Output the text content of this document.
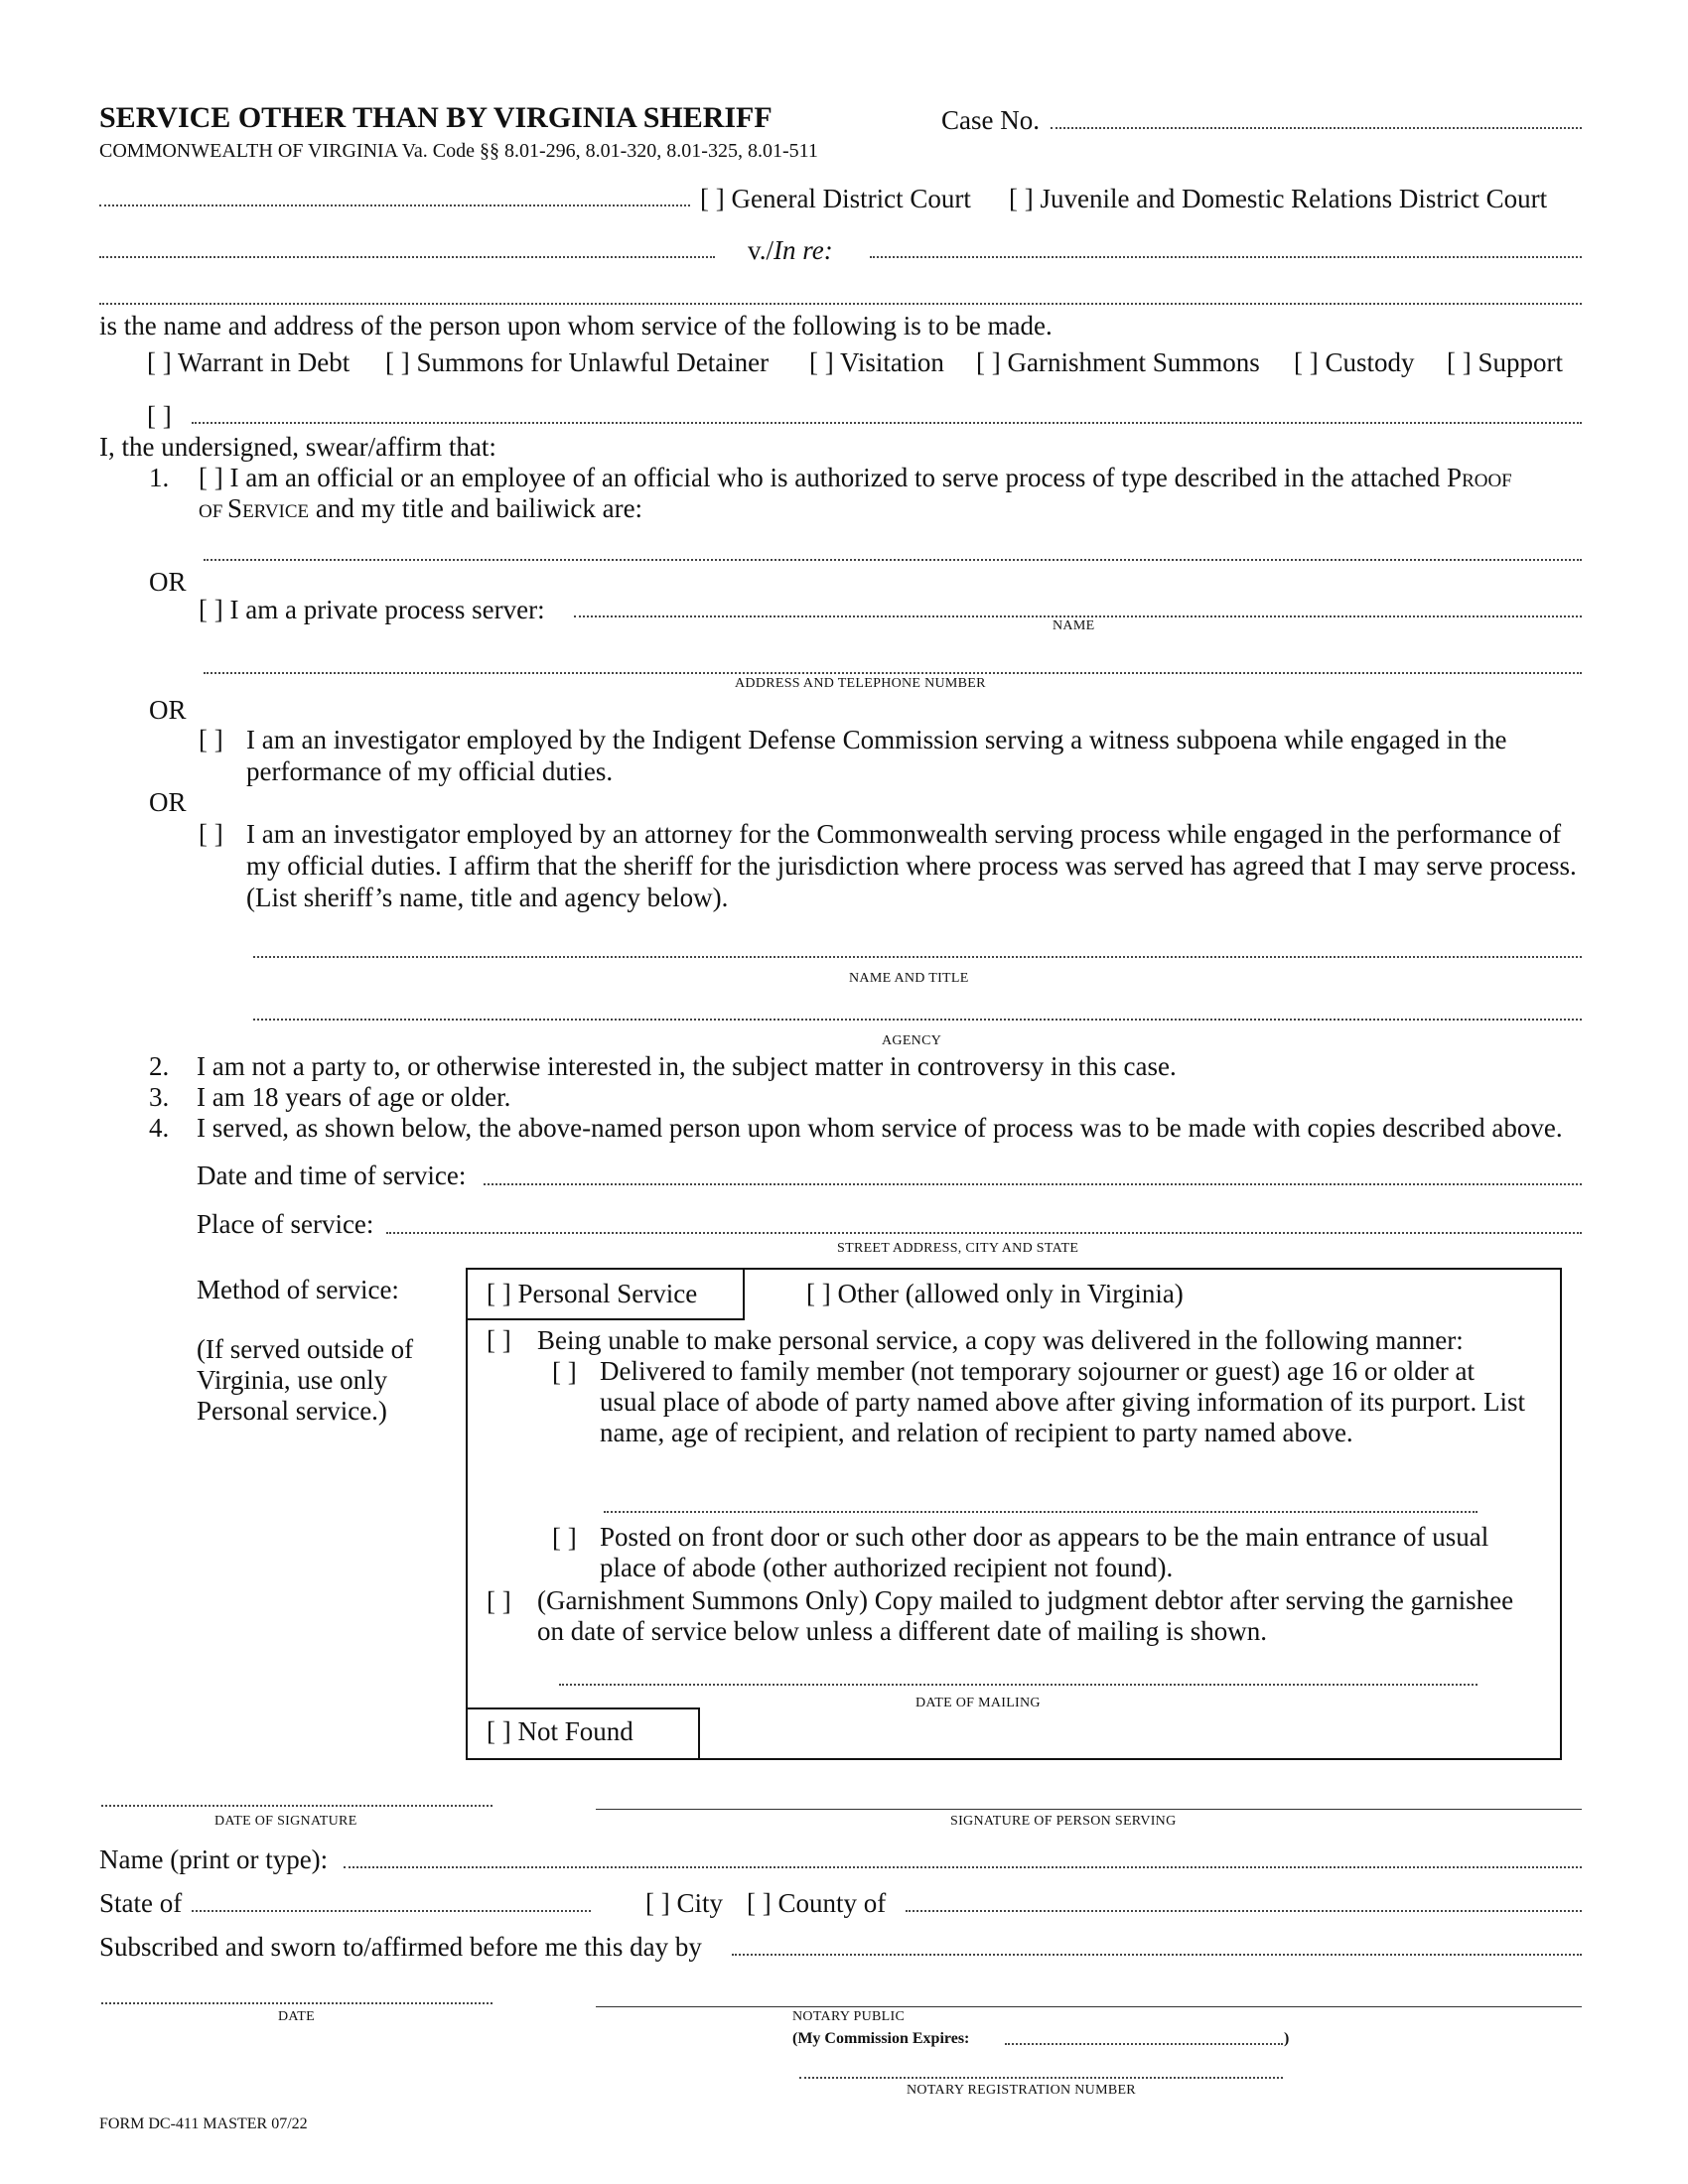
SERVICE OTHER THAN BY VIRGINIA SHERIFF	Case No.
COMMONWEALTH OF VIRGINIA Va. Code §§ 8.01-296, 8.01-320, 8.01-325, 8.01-511
[ ] General District Court [ ] Juvenile and Domestic Relations District Court
v./In re:
is the name and address of the person upon whom service of the following is to be made.
[ ] Warrant in Debt [ ] Summons for Unlawful Detainer [ ] Visitation [ ] Garnishment Summons [ ] Custody [ ] Support
[ ]
I, the undersigned, swear/affirm that:
1. [ ] I am an official or an employee of an official who is authorized to serve process of type described in the attached PROOF
OF SERVICE and my title and bailiwick are:
OR
[ ] I am a private process server:
NAME
ADDRESS AND TELEPHONE NUMBER
OR
[ ] I am an investigator employed by the Indigent Defense Commission serving a witness subpoena while engaged in the performance of my official duties.
OR
[ ] I am an investigator employed by an attorney for the Commonwealth serving process while engaged in the performance of my official duties. I affirm that the sheriff for the jurisdiction where process was served has agreed that I may serve process. (List sheriff’s name, title and agency below).
NAME AND TITLE
AGENCY
2. I am not a party to, or otherwise interested in, the subject matter in controversy in this case.
3. I am 18 years of age or older.
4. I served, as shown below, the above-named person upon whom service of process was to be made with copies described above.
Date and time of service:
Place of service:
STREET ADDRESS, CITY AND STATE
Method of service:
(If served outside of Virginia, use only Personal service.)
[ ] Personal Service	[ ] Other (allowed only in Virginia)
[ ] Being unable to make personal service, a copy was delivered in the following manner:
[ ] Delivered to family member (not temporary sojourner or guest) age 16 or older at usual place of abode of party named above after giving information of its purport. List name, age of recipient, and relation of recipient to party named above.
[ ] Posted on front door or such other door as appears to be the main entrance of usual place of abode (other authorized recipient not found).
[ ] (Garnishment Summons Only) Copy mailed to judgment debtor after serving the garnishee on date of service below unless a different date of mailing is shown.
DATE OF MAILING
[ ] Not Found
DATE OF SIGNATURE	SIGNATURE OF PERSON SERVING
Name (print or type):
State of	[ ] City [ ] County of
Subscribed and sworn to/affirmed before me this day by
DATE	NOTARY PUBLIC
(My Commission Expires:	)
NOTARY REGISTRATION NUMBER
FORM DC-411 MASTER 07/22
